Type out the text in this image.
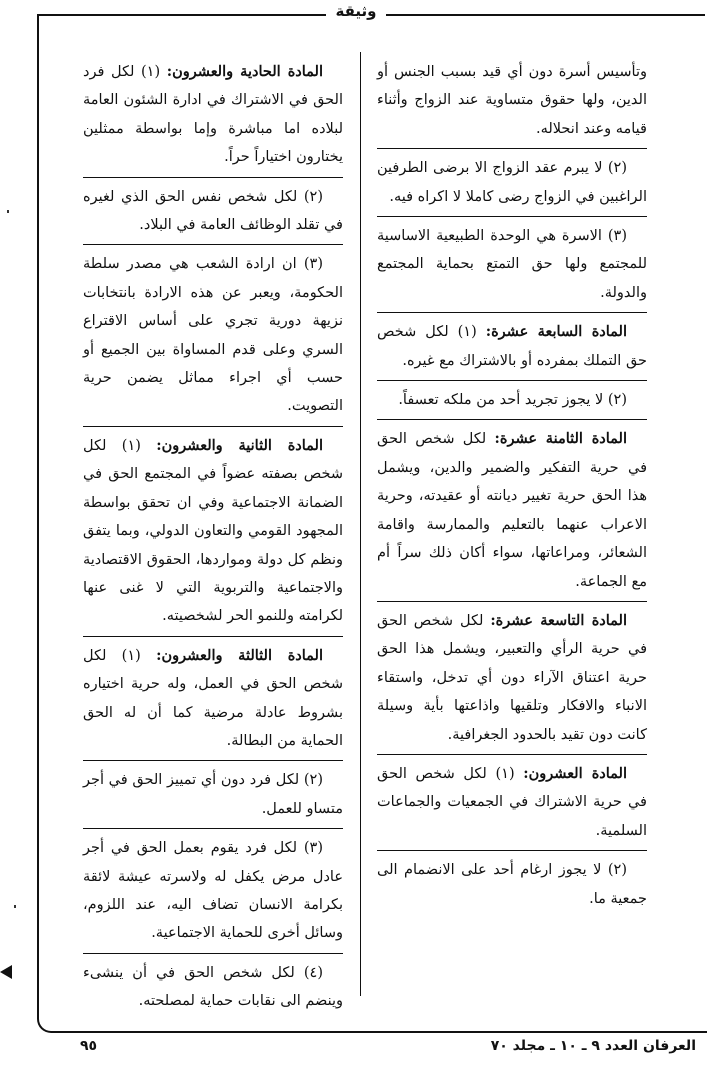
وثيقة

وتأسيس أسرة دون أي قيد بسبب الجنس أو الدين، ولها حقوق متساوية عند الزواج وأثناء قيامه وعند انحلاله.

(٢) لا يبرم عقد الزواج الا برضى الطرفين الراغبين في الزواج رضى كاملا لا اكراه فيه.

(٣) الاسرة هي الوحدة الطبيعية الاساسية للمجتمع ولها حق التمتع بحماية المجتمع والدولة.

المادة السابعة عشرة: (١) لكل شخص حق التملك بمفرده أو بالاشتراك مع غيره.

(٢) لا يجوز تجريد أحد من ملكه تعسفاً.

المادة الثامنة عشرة: لكل شخص الحق في حرية التفكير والضمير والدين، ويشمل هذا الحق حرية تغيير ديانته أو عقيدته، وحرية الاعراب عنهما بالتعليم والممارسة واقامة الشعائر، ومراعاتها، سواء أكان ذلك سراً أم مع الجماعة.

المادة التاسعة عشرة: لكل شخص الحق في حرية الرأي والتعبير، ويشمل هذا الحق حرية اعتناق الآراء دون أي تدخل، واستقاء الانباء والافكار وتلقيها واذاعتها بأية وسيلة كانت دون تقيد بالحدود الجغرافية.

المادة العشرون: (١) لكل شخص الحق في حرية الاشتراك في الجمعيات والجماعات السلمية.

(٢) لا يجوز ارغام أحد على الانضمام الى جمعية ما.

المادة الحادية والعشرون: (١) لكل فرد الحق في الاشتراك في ادارة الشئون العامة لبلاده اما مباشرة وإما بواسطة ممثلين يختارون اختياراً حراً.

(٢) لكل شخص نفس الحق الذي لغيره في تقلد الوظائف العامة في البلاد.

(٣) ان ارادة الشعب هي مصدر سلطة الحكومة، ويعبر عن هذه الارادة بانتخابات نزيهة دورية تجري على أساس الاقتراع السري وعلى قدم المساواة بين الجميع أو حسب أي اجراء مماثل يضمن حرية التصويت.

المادة الثانية والعشرون: (١) لكل شخص بصفته عضواً في المجتمع الحق في الضمانة الاجتماعية وفي ان تحقق بواسطة المجهود القومي والتعاون الدولي، وبما يتفق ونظم كل دولة ومواردها، الحقوق الاقتصادية والاجتماعية والتربوية التي لا غنى عنها لكرامته وللنمو الحر لشخصيته.

المادة الثالثة والعشرون: (١) لكل شخص الحق في العمل، وله حرية اختياره بشروط عادلة مرضية كما أن له الحق الحماية من البطالة.

(٢) لكل فرد دون أي تمييز الحق في أجر متساو للعمل.

(٣) لكل فرد يقوم بعمل الحق في أجر عادل مرض يكفل له ولاسرته عيشة لائقة بكرامة الانسان تضاف اليه، عند اللزوم، وسائل أخرى للحماية الاجتماعية.

(٤) لكل شخص الحق في أن ينشىء وينضم الى نقابات حماية لمصلحته.

العرفان العدد ٩ ـ ١٠ ـ مجلد ٧٠
٩٥
